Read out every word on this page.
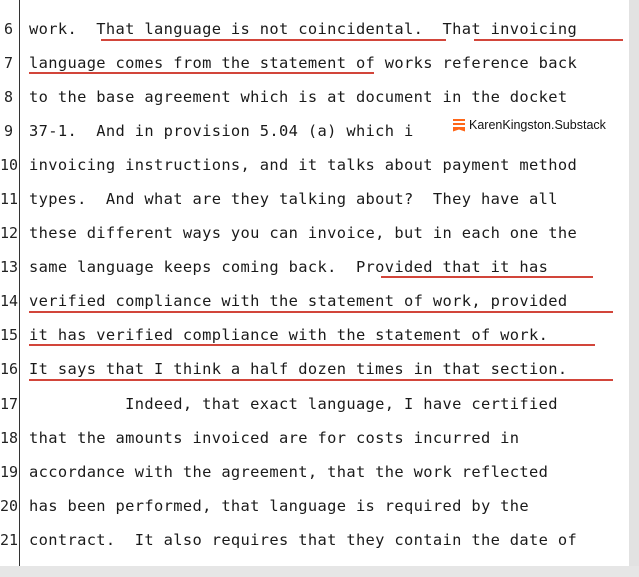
6 work.  That language is not coincidental.  That invoicing
7 language comes from the statement of works reference back
8 to the base agreement which is at document in the docket
9 37-1.  And in provision 5.04 (a) which i
10 invoicing instructions, and it talks about payment method
11 types.  And what are they talking about?  They have all
12 these different ways you can invoice, but in each one the
13 same language keeps coming back.  Provided that it has
14 verified compliance with the statement of work, provided
15 it has verified compliance with the statement of work.
16 It says that I think a half dozen times in that section.
17 Indeed, that exact language, I have certified
18 that the amounts invoiced are for costs incurred in
19 accordance with the agreement, that the work reflected
20 has been performed, that language is required by the
21 contract.  It also requires that they contain the date of
KarenKingston.Substack
